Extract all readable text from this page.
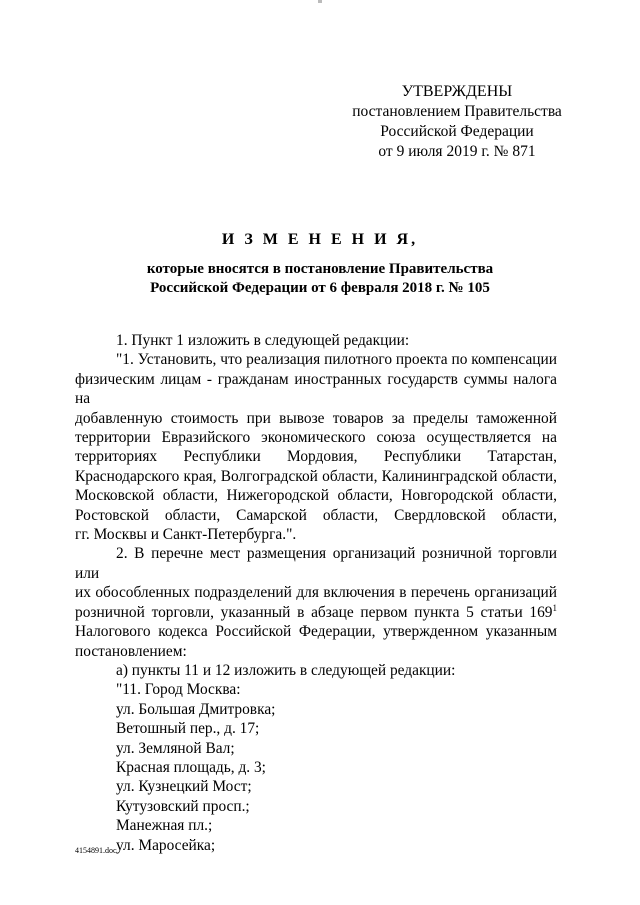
УТВЕРЖДЕНЫ
постановлением Правительства
Российской Федерации
от 9 июля 2019 г. № 871
И З М Е Н Е Н И Я,
которые вносятся в постановление Правительства
Российской Федерации от 6 февраля 2018 г. № 105

1. Пункт 1 изложить в следующей редакции:

"1. Установить, что реализация пилотного проекта по компенсации

физическим лицам - гражданам иностранных государств суммы налога на

добавленную стоимость при вывозе товаров за пределы таможенной

территории Евразийского экономического союза осуществляется на

территориях Республики Мордовия, Республики Татарстан,

Краснодарского края, Волгоградской области, Калининградской области,

Московской области, Нижегородской области, Новгородской области,

Ростовской области, Самарской области, Свердловской области,

гг. Москвы и Санкт-Петербурга.".

2. В перечне мест размещения организаций розничной торговли или

их обособленных подразделений для включения в перечень организаций

розничной торговли, указанный в абзаце первом пункта 5 статьи $169^1$

Налогового кодекса Российской Федерации, утвержденном указанным

постановлением:

а) пункты 11 и 12 изложить в следующей редакции:

"11. Город Москва:

ул. Большая Дмитровка;

Ветошный пер., д. 17;

ул. Земляной Вал;

Красная площадь, д. 3;

ул. Кузнецкий Мост;

Кутузовский просп.;

Манежная пл.;

ул. Маросейка;

4154891.doc
